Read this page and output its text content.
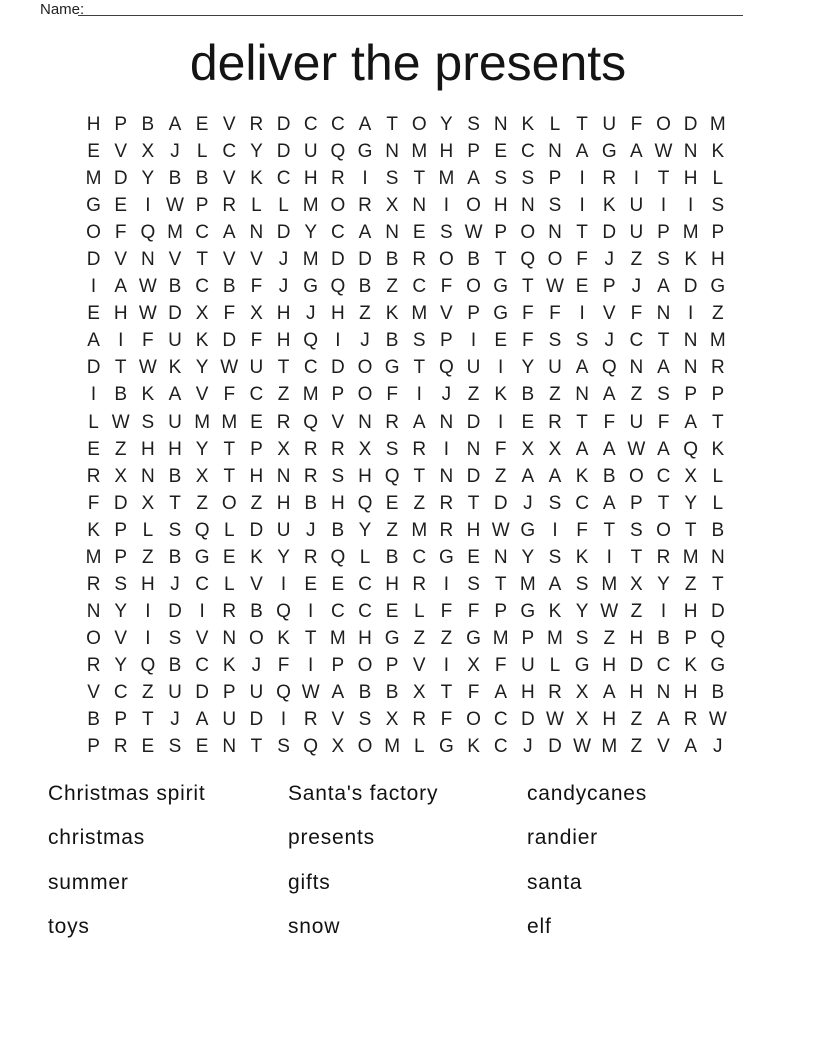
Name:
deliver the presents
H P B A E V R D C C A T O Y S N K L T U F O D M
E V X J L C Y D U Q G N M H P E C N A G A W N K
M D Y B B V K C H R I S T M A S S P I R I T H L
G E I W P R L L M O R X N I O H N S I K U I	I S
O F Q M C A N D Y C A N E S W P O N T D U P M P
D V N V T V V J M D D B R O B T Q O F J Z S K H
I A W B C B F J G Q B Z C F O G T W E P J A D G
E H W D X F X H J H Z K M V P G F F I V F N I Z
A I F U K D F H Q I	J B S P I E F S S J C T N M
D T W K Y W U T C D O G T Q U I Y U A Q N A N R
I B K A V F C Z M P O F I	J Z K B Z N A Z S P P
L W S U M M E R Q V N R A N D I E R T F U F A T
E Z H H Y T P X R R X S R I N F X X A A W A Q K
R X N B X T H N R S H Q T N D Z A A K B O C X L
F D X T Z O Z H B H Q E Z R T D J S C A P T Y L
K P L S Q L D U J B Y Z M R H W G I F T S O T B
M P Z B G E K Y R Q L B C G E N Y S K I T R M N
R S H J C L V I E E C H R I S T M A S M X Y Z T
N Y I D I R B Q I C C E L F F P G K Y W Z I H D
O V I S V N O K T M H G Z Z G M P M S Z H B P Q
R Y Q B C K J F I P O P V I X F U L G H D C K G
V C Z U D P U Q W A B B X T F A H R X A H N H B
B P T J A U D I R V S X R F O C D W X H Z A R W
P R E S E N T S Q X O M L G K C J D W M Z V A J
Christmas spirit	Santa's factory	candycanes
christmas	presents	randier
summer	gifts	santa
toys	snow	elf
